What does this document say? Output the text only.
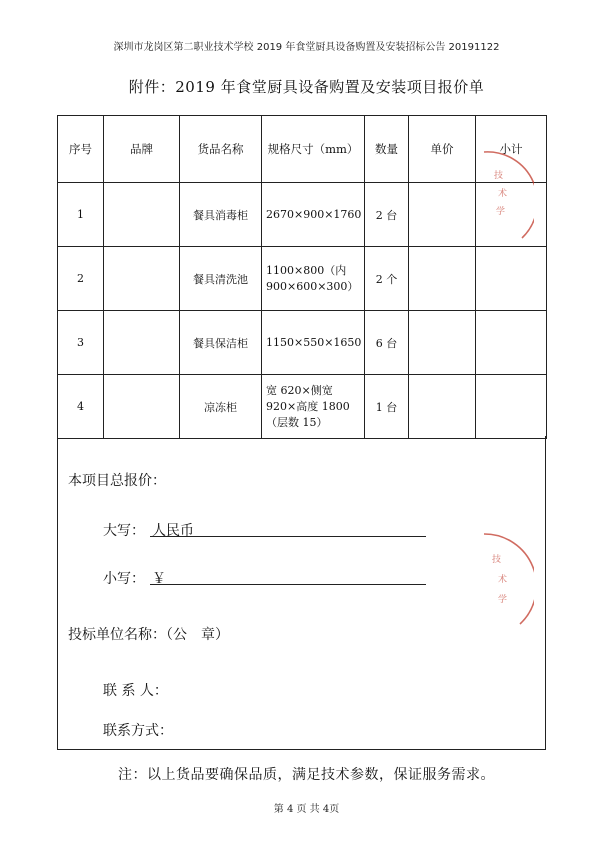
深圳市龙岗区第二职业技术学校 2019 年食堂厨具设备购置及安装招标公告 20191122
附件：2019 年食堂厨具设备购置及安装项目报价单
序号	品牌	货品名称	规格尺寸（mm）	数量	单价	小计
1		餐具消毒柜	2670×900×1760	2 台		
2		餐具清洗池	1100×800（内900×600×300）	2 个		
3		餐具保洁柜	1150×550×1650	6 台		
4		凉冻柜	宽 620×侧宽 920×高度 1800（层数 15）	1 台		
本项目总报价：
大写： 人民币
小写： ￥
投标单位名称：（公　章）
联 系 人：
联系方式：
技
术
学
技
术
学
注：以上货品要确保品质，满足技术参数，保证服务需求。
第 4 页 共 4页
